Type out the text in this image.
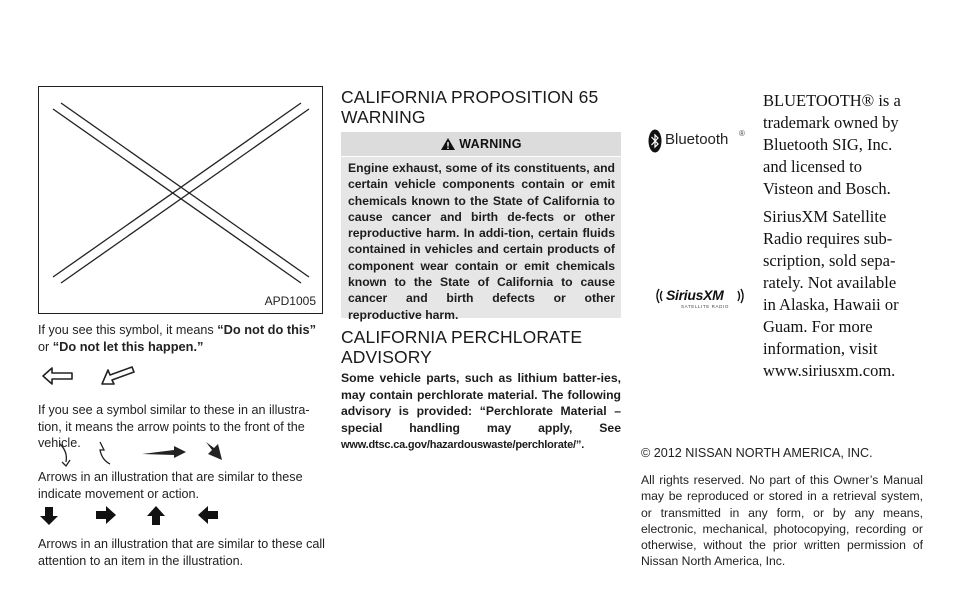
APD1005
If you see this symbol, it means “Do not do this”
or “Do not let this happen.”
If you see a symbol similar to these in an illustra-tion, it means the arrow points to the front of the vehicle.
Arrows in an illustration that are similar to these indicate movement or action.
Arrows in an illustration that are similar to these call attention to an item in the illustration.
CALIFORNIA PROPOSITION 65
WARNING
WARNING
Engine exhaust, some of its constituents, and certain vehicle components contain or emit chemicals known to the State of California to cause cancer and birth de-fects or other reproductive harm. In addi-tion, certain fluids contained in vehicles and certain products of component wear contain or emit chemicals known to the State of California to cause cancer and birth defects or other reproductive harm.
CALIFORNIA PERCHLORATE
ADVISORY
Some vehicle parts, such as lithium batter-ies, may contain perchlorate material. The following advisory is provided: “Perchlorate Material – special handling may apply, See www.dtsc.ca.gov/hazardouswaste/perchlorate/”.
Bluetooth ®
BLUETOOTH® is a
trademark owned by
Bluetooth SIG, Inc.
and licensed to
Visteon and Bosch.
SiriusXM
SATELLITE RADIO
SiriusXM Satellite
Radio requires sub-
scription, sold sepa-
rately. Not available
in Alaska, Hawaii or
Guam. For more
information, visit
www.siriusxm.com.
© 2012 NISSAN NORTH AMERICA, INC.
All rights reserved. No part of this Owner’s Manual may be reproduced or stored in a retrieval system, or transmitted in any form, or by any means, electronic, mechanical, photocopying, recording or otherwise, without the prior written permission of Nissan North America, Inc.
